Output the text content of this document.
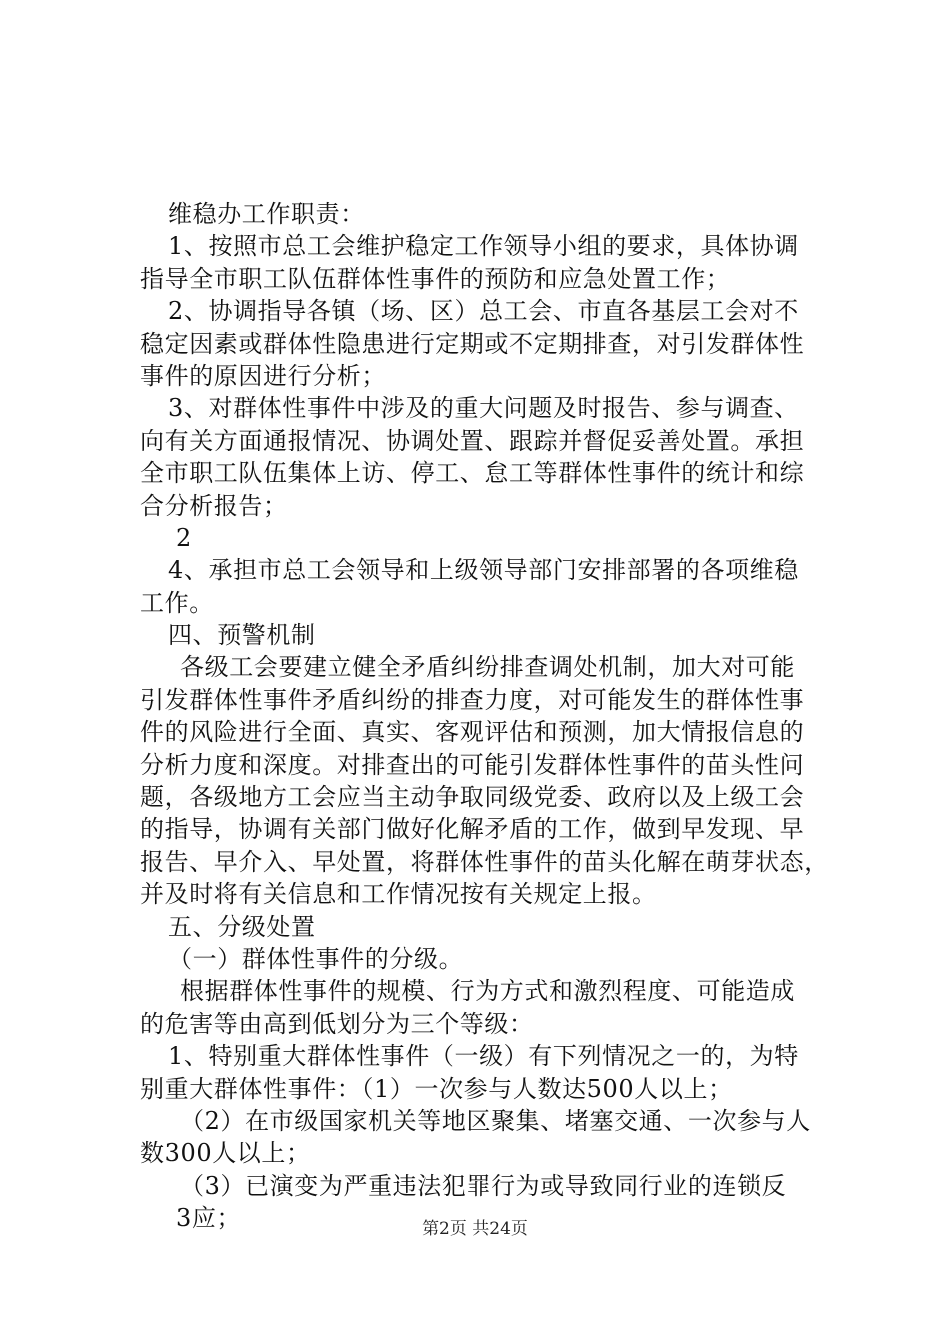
维稳办工作职责：
1、按照市总工会维护稳定工作领导小组的要求，具体协调
指导全市职工队伍群体性事件的预防和应急处置工作；
2、协调指导各镇（场、区）总工会、市直各基层工会对不
稳定因素或群体性隐患进行定期或不定期排查，对引发群体性
事件的原因进行分析；
3、对群体性事件中涉及的重大问题及时报告、参与调查、
向有关方面通报情况、协调处置、跟踪并督促妥善处置。承担
全市职工队伍集体上访、停工、怠工等群体性事件的统计和综
合分析报告；
2
4、承担市总工会领导和上级领导部门安排部署的各项维稳
工作。
四、预警机制
各级工会要建立健全矛盾纠纷排查调处机制，加大对可能
引发群体性事件矛盾纠纷的排查力度，对可能发生的群体性事
件的风险进行全面、真实、客观评估和预测，加大情报信息的
分析力度和深度。对排查出的可能引发群体性事件的苗头性问
题，各级地方工会应当主动争取同级党委、政府以及上级工会
的指导，协调有关部门做好化解矛盾的工作，做到早发现、早
报告、早介入、早处置，将群体性事件的苗头化解在萌芽状态，
并及时将有关信息和工作情况按有关规定上报。
五、分级处置
（一）群体性事件的分级。
根据群体性事件的规模、行为方式和激烈程度、可能造成
的危害等由高到低划分为三个等级：
1、特别重大群体性事件（一级）有下列情况之一的，为特
别重大群体性事件：（1）一次参与人数达500人以上；
（2）在市级国家机关等地区聚集、堵塞交通、一次参与人
数300人以上；
（3）已演变为严重违法犯罪行为或导致同行业的连锁反
3应；	第2页 共24页
